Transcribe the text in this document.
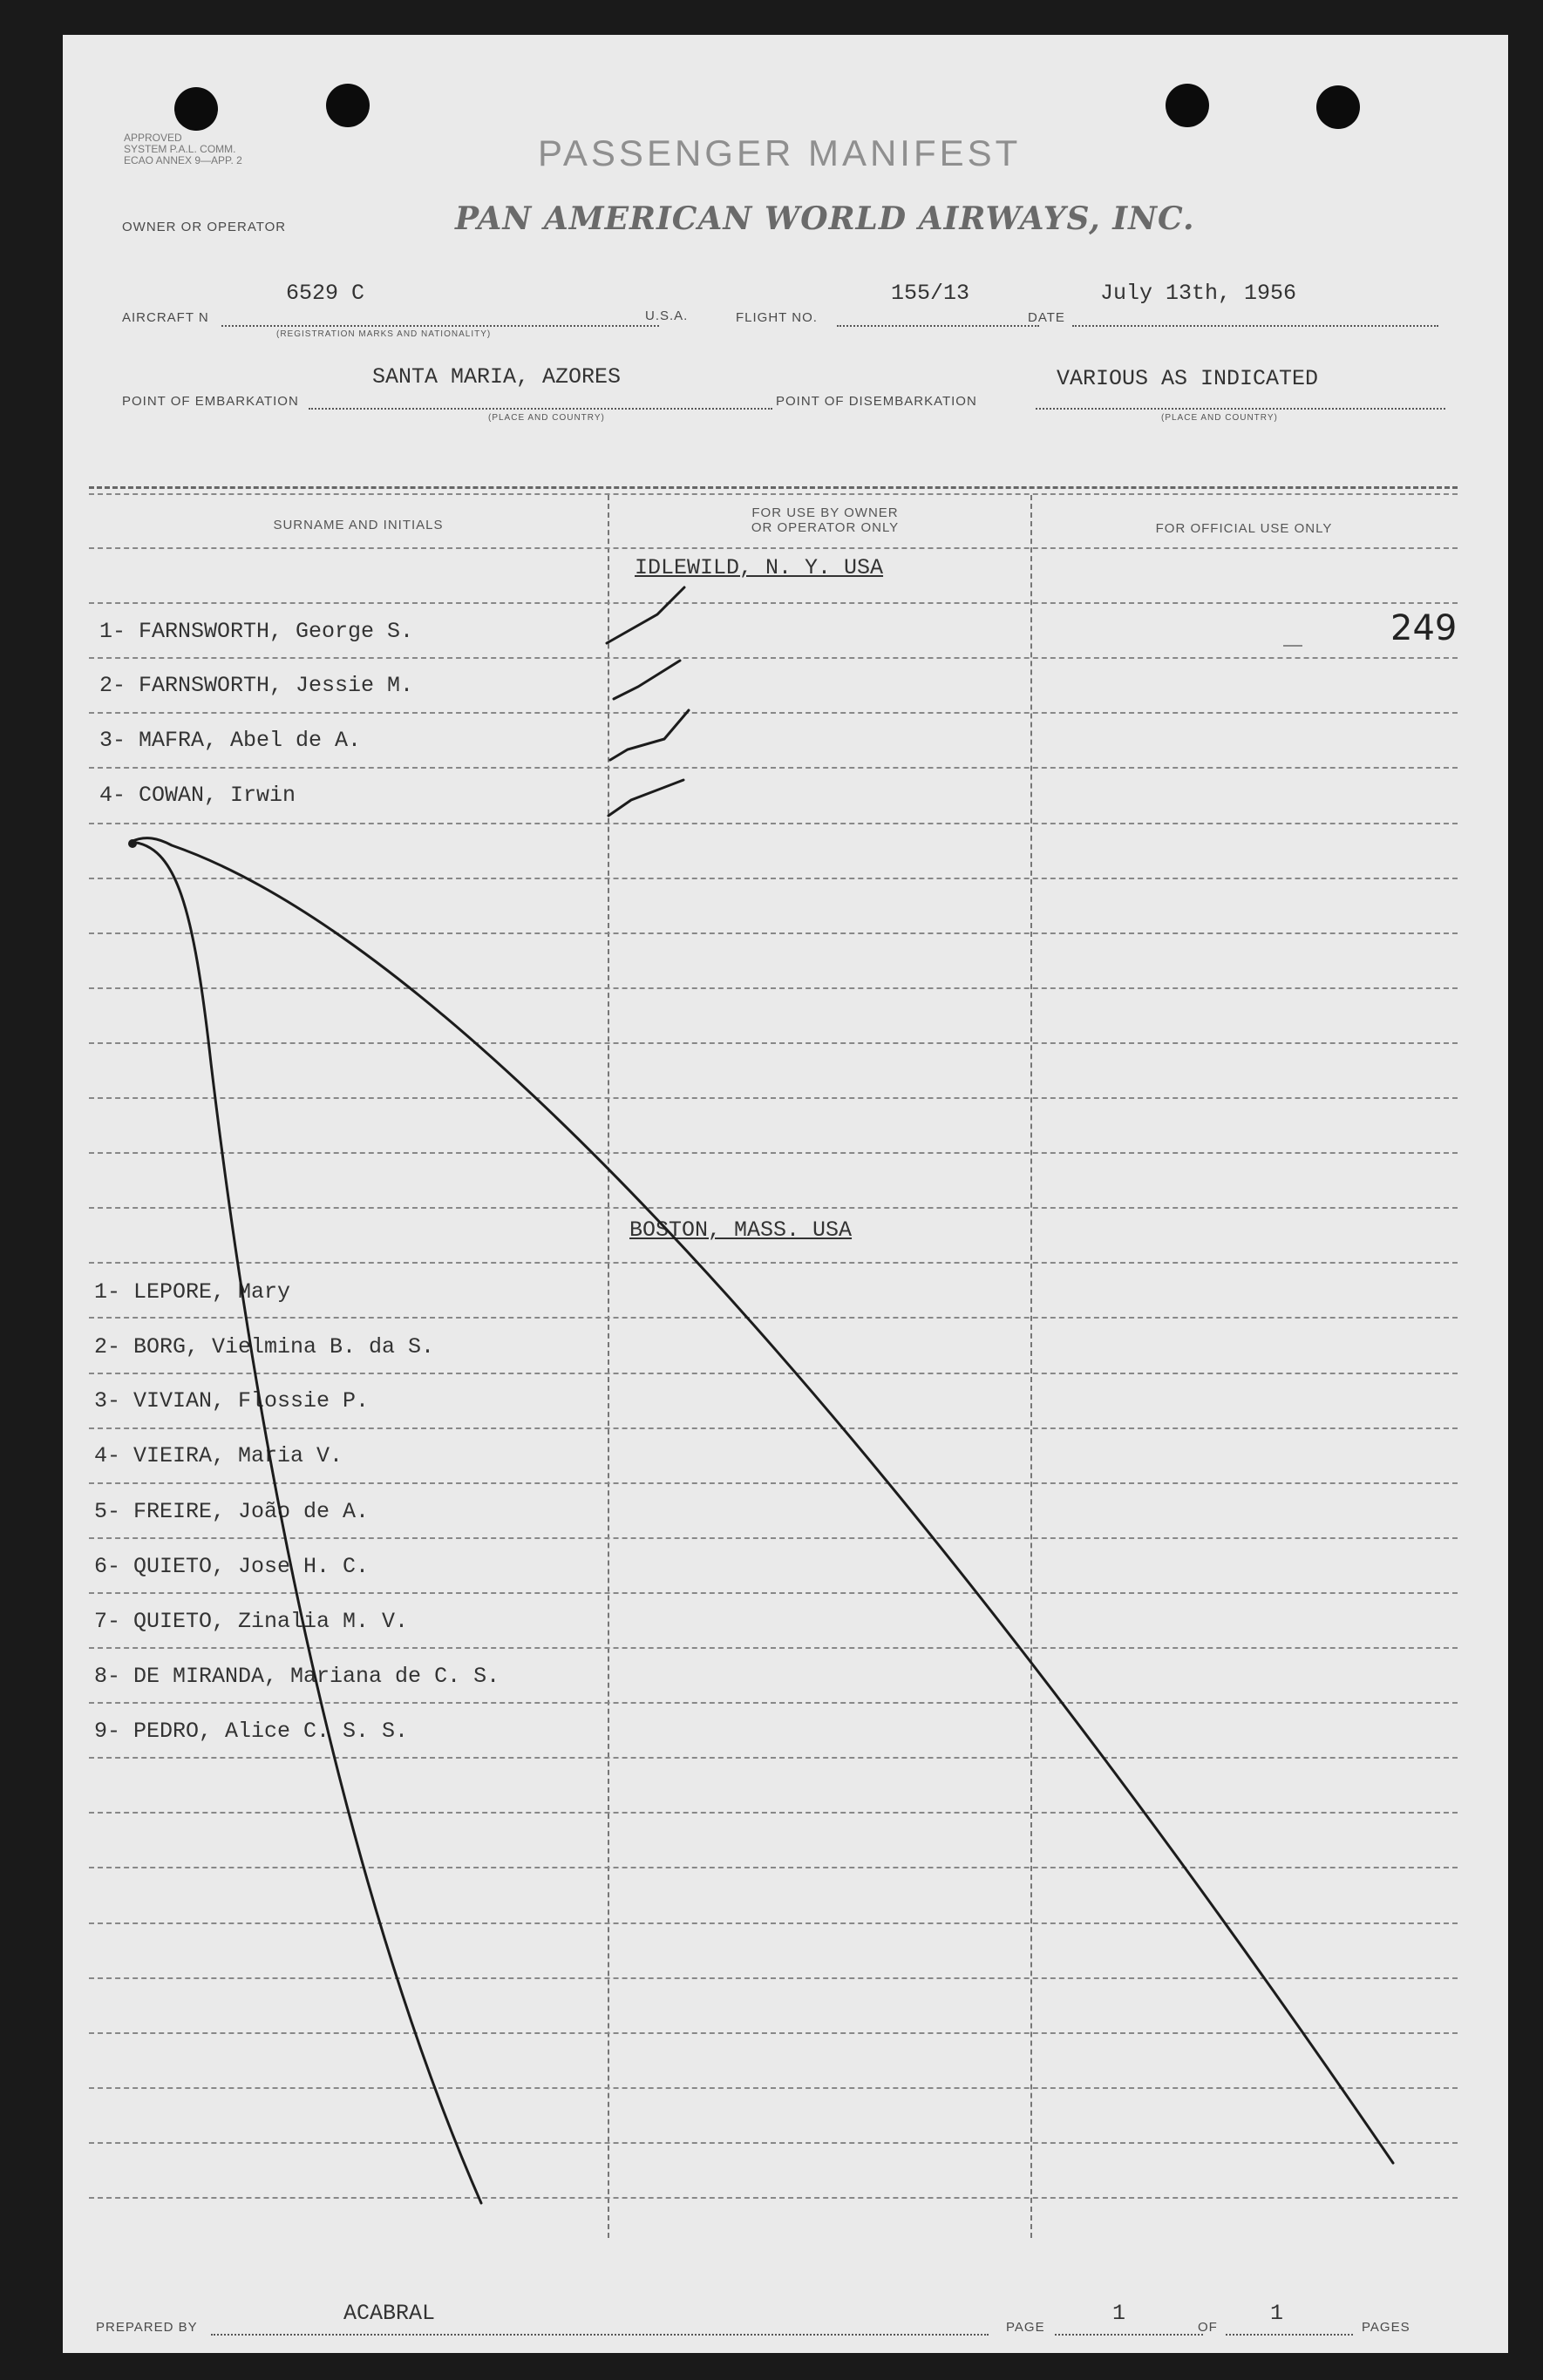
APPROVED
SYSTEM P.A.L. COMM.
ECAO ANNEX 9—APP. 2	PASSENGER MANIFEST
OWNER OR OPERATOR	PAN AMERICAN WORLD AIRWAYS, INC.
AIRCRAFT N
6529 C
(REGISTRATION MARKS AND NATIONALITY)
U.S.A.	FLIGHT NO.
155/13
DATE
July 13th, 1956
POINT OF EMBARKATION
SANTA MARIA, AZORES
(PLACE AND COUNTRY)
POINT OF DISEMBARKATION
VARIOUS AS INDICATED
(PLACE AND COUNTRY)
SURNAME AND INITIALS
FOR USE BY OWNER
OR OPERATOR ONLY	FOR OFFICIAL USE ONLY
IDLEWILD, N. Y. USA
1- FARNSWORTH, George S.
2- FARNSWORTH, Jessie M.
3- MAFRA, Abel de A.
4- COWAN, Irwin
BOSTON, MASS. USA
1- LEPORE, Mary
2- BORG, Vielmina B. da S.
3- VIVIAN, Flossie P.
4- VIEIRA, Maria V.
5- FREIRE, João de A.
6- QUIETO, Jose H. C.
7- QUIETO, Zinalia M. V.
8- DE MIRANDA, Mariana de C. S.
9- PEDRO, Alice C. S. S.
249
PREPARED BY
ACABRAL
PAGE
1
OF
1
PAGES
